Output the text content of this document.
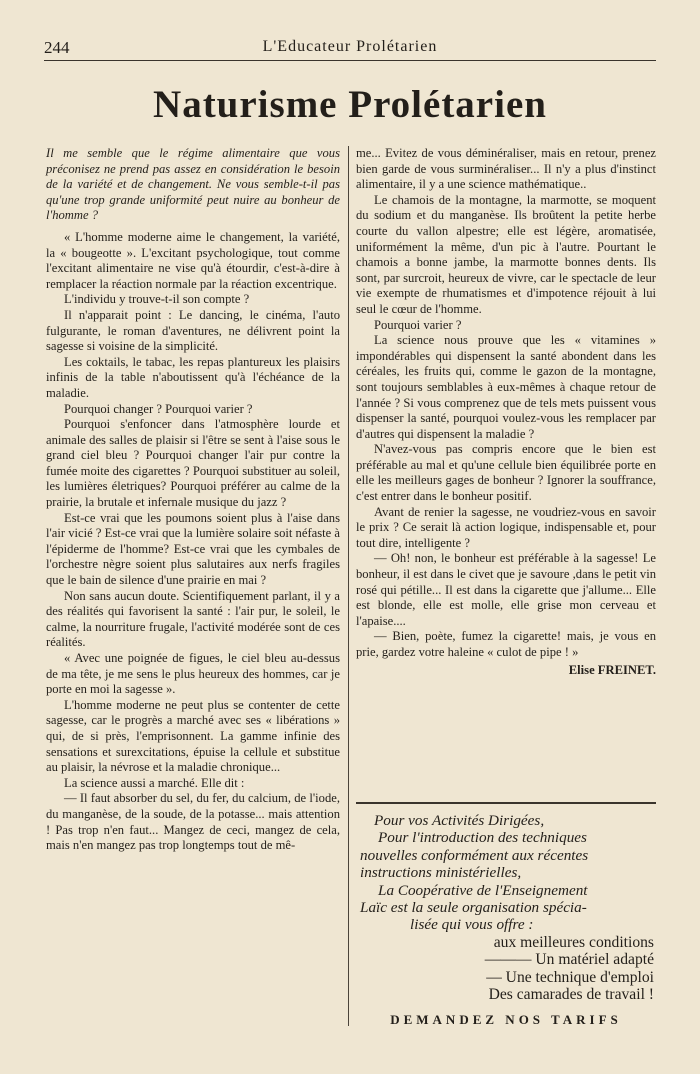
244	L'Educateur Prolétarien
Naturisme Prolétarien

Il me semble que le régime alimentaire que vous préconisez ne prend pas assez en considération le besoin de la variété et de changement. Ne vous semble-t-il pas qu'une trop grande uniformité peut nuire au bonheur de l'homme ?

« L'homme moderne aime le changement, la variété, la « bougeotte ». L'excitant psychologique, tout comme l'excitant alimentaire ne vise qu'à étourdir, c'est-à-dire à remplacer la réaction normale par la réaction excentrique.

L'individu y trouve-t-il son compte ?

Il n'apparait point : Le dancing, le cinéma, l'auto fulgurante, le roman d'aventures, ne délivrent point la sagesse si voisine de la simplicité.

Les coktails, le tabac, les repas plantureux les plaisirs infinis de la table n'aboutissent qu'à l'échéance de la maladie.

Pourquoi changer ? Pourquoi varier ?

Pourquoi s'enfoncer dans l'atmosphère lourde et animale des salles de plaisir si l'être se sent à l'aise sous le grand ciel bleu ? Pourquoi changer l'air pur contre la fumée moite des cigarettes ? Pourquoi substituer au soleil, les lumières életriques? Pourquoi préférer au calme de la prairie, la brutale et infernale musique du jazz ?

Est-ce vrai que les poumons soient plus à l'aise dans l'air vicié ? Est-ce vrai que la lumière solaire soit néfaste à l'épiderme de l'homme? Est-ce vrai que les cymbales de l'orchestre nègre soient plus salutaires aux nerfs fragiles que le bain de silence d'une prairie en mai ?

Non sans aucun doute. Scientifiquement parlant, il y a des réalités qui favorisent la santé : l'air pur, le soleil, le calme, la nourriture frugale, l'activité modérée sont de ces réalités.

« Avec une poignée de figues, le ciel bleu au-dessus de ma tête, je me sens le plus heureux des hommes, car je porte en moi la sagesse ».

L'homme moderne ne peut plus se contenter de cette sagesse, car le progrès a marché avec ses « libérations » qui, de si près, l'emprisonnent. La gamme infinie des sensations et surexcitations, épuise la cellule et substitue au plaisir, la névrose et la maladie chronique...

La science aussi a marché. Elle dit :

— Il faut absorber du sel, du fer, du calcium, de l'iode, du manganèse, de la soude, de la potasse... mais attention ! Pas trop n'en faut... Mangez de ceci, mangez de cela, mais n'en mangez pas trop longtemps tout de mê-

me... Evitez de vous déminéraliser, mais en retour, prenez bien garde de vous surminéraliser... Il n'y a plus d'instinct alimentaire, il y a une science mathématique..

Le chamois de la montagne, la marmotte, se moquent du sodium et du manganèse. Ils broûtent la petite herbe courte du vallon alpestre; elle est légère, aromatisée, uniformément la même, d'un pic à l'autre. Pourtant le chamois a bonne jambe, la marmotte bonnes dents. Ils sont, par surcroit, heureux de vivre, car le spectacle de leur vie exempte de rhumatismes et d'impotence réjouit à lui seul le cœur de l'homme.

Pourquoi varier ?

La science nous prouve que les « vitamines » impondérables qui dispensent la santé abondent dans les céréales, les fruits qui, comme le gazon de la montagne, sont toujours semblables à eux-mêmes à chaque retour de l'année ? Si vous comprenez que de tels mets puissent vous dispenser la santé, pourquoi voulez-vous les remplacer par d'autres qui dispensent la maladie ?

N'avez-vous pas compris encore que le bien est préférable au mal et qu'une cellule bien équilibrée porte en elle les meilleurs gages de bonheur ? Ignorer la souffrance, c'est entrer dans le bonheur positif.

Avant de renier la sagesse, ne voudriez-vous en savoir le prix ? Ce serait là action logique, indispensable et, pour tout dire, intelligente ?

— Oh! non, le bonheur est préférable à la sagesse! Le bonheur, il est dans le civet que je savoure ,dans le petit vin rosé qui pétille... Il est dans la cigarette que j'allume... Elle est blonde, elle est molle, elle grise mon cerveau et l'apaise....

— Bien, poète, fumez la cigarette! mais, je vous en prie, gardez votre haleine « culot de pipe ! »

Elise FREINET.

Pour vos Activités Dirigées,

Pour l'introduction des techniques

nouvelles conformément aux récentes

instructions ministérielles,

La Coopérative de l'Enseignement

Laïc est la seule organisation spécia-

lisée qui vous offre :

aux meilleures conditions

——— Un matériel adapté

— Une technique d'emploi

Des camarades de travail !

DEMANDEZ NOS TARIFS
